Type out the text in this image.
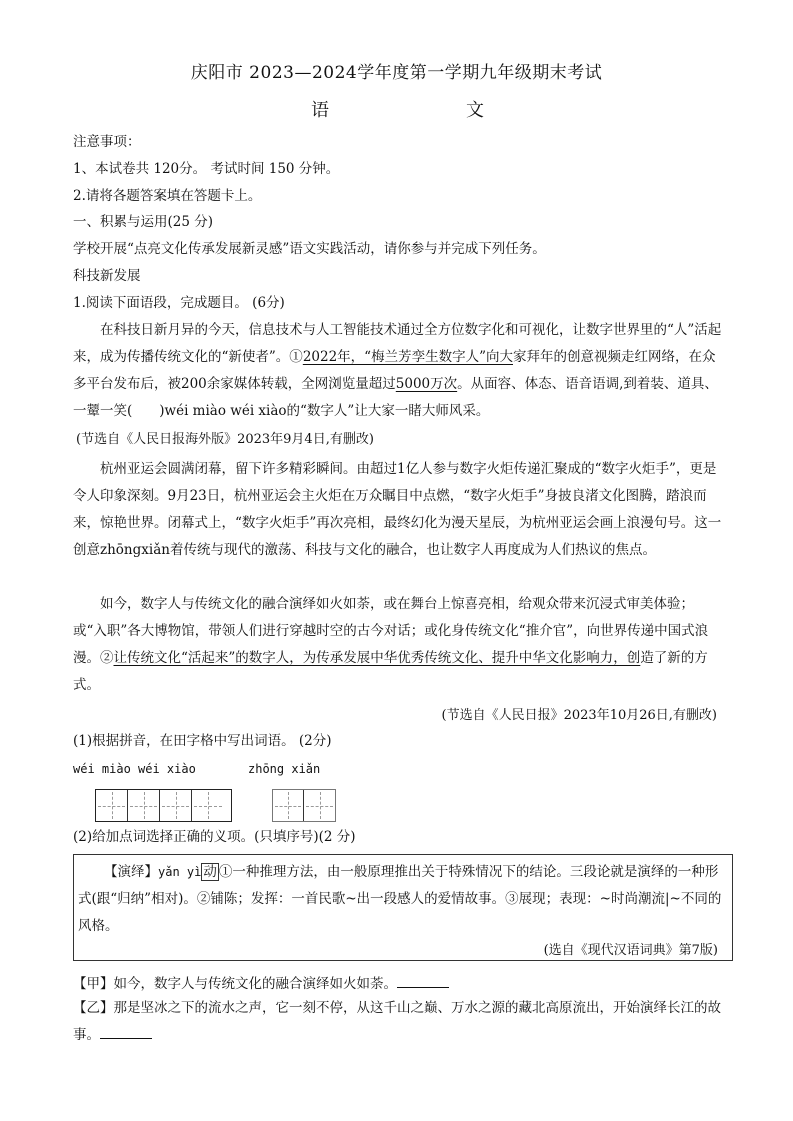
庆阳市 2023—2024学年度第一学期九年级期末考试
语	文
注意事项：
1、本试卷共 120分。 考试时间 150 分钟。
2.请将各题答案填在答题卡上。
一、积累与运用(25 分)
学校开展“点亮文化传承发展新灵感”语文实践活动，请你参与并完成下列任务。
科技新发展
1.阅读下面语段，完成题目。 (6分)
在科技日新月异的今天，信息技术与人工智能技术通过全方位数字化和可视化，让数字世界里的“人”活起来，成为传播传统文化的“新使者”。①2022年，“梅兰芳孪生数字人”向大家拜年的创意视频走红网络，在众多平台发布后，被200余家媒体转载，全网浏览量超过5000万次。从面容、体态、语音语调,到着装、道具、一颦一笑(　　)wéi miào wéi xiào的“数字人”让大家一睹大师风采。
(节选自《人民日报海外版》2023年9月4日,有删改)
杭州亚运会圆满闭幕，留下许多精彩瞬间。由超过1亿人参与数字火炬传递汇聚成的“数字火炬手”，更是令人印象深刻。9月23日，杭州亚运会主火炬在万众瞩目中点燃，“数字火炬手”身披良渚文化图腾，踏浪而来，惊艳世界。闭幕式上，“数字火炬手”再次亮相，最终幻化为漫天星辰，为杭州亚运会画上浪漫句号。这一创意zhōngxiǎn着传统与现代的激荡、科技与文化的融合，也让数字人再度成为人们热议的焦点。
如今，数字人与传统文化的融合演绎如火如荼，或在舞台上惊喜亮相，给观众带来沉浸式审美体验；或“入职”各大博物馆，带领人们进行穿越时空的古今对话；或化身传统文化“推介官”，向世界传递中国式浪漫。②让传统文化“活起来”的数字人，为传承发展中华优秀传统文化、提升中华文化影响力，创造了新的方式。
(节选自《人民日报》2023年10月26日,有删改)
(1)根据拼音，在田字格中写出词语。 (2分)
wéi miào wéi xiào	zhōng xiǎn
(2)给加点词选择正确的义项。(只填序号)(2 分)
【演绎】yǎn yì 动 ①一种推理方法，由一般原理推出关于特殊情况下的结论。三段论就是演绎的一种形式(跟“归纳”相对)。②铺陈；发挥：一首民歌~出一段感人的爱情故事。③展现；表现：~时尚潮流|~不同的风格。
(选自《现代汉语词典》第7版)
【甲】如今，数字人与传统文化的融合演绎如火如荼。
【乙】那是坚冰之下的流水之声，它一刻不停，从这千山之巅、万水之源的藏北高原流出，开始演绎长江的故事。
